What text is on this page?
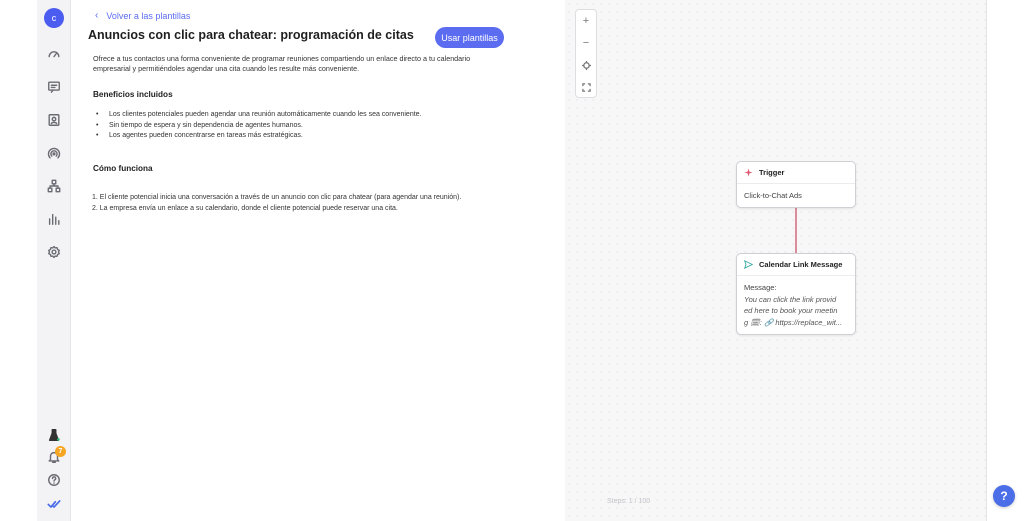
c
7
‹ Volver a las plantillas
Anuncios con clic para chatear: programación de citas	Usar plantillas

Ofrece a tus contactos una forma conveniente de programar reuniones compartiendo un enlace directo a tu calendario empresarial y permitiéndoles agendar una cita cuando les resulte más conveniente.

Beneficios incluidos
• Los clientes potenciales pueden agendar una reunión automáticamente cuando les sea conveniente.
• Sin tiempo de espera y sin dependencia de agentes humanos.
• Los agentes pueden concentrarse en tareas más estratégicas.
Cómo funciona
1. El cliente potencial inicia una conversación a través de un anuncio con clic para chatear (para agendar una reunión).
2. La empresa envía un enlace a su calendario, donde el cliente potencial puede reservar una cita.
+
−
Trigger
Click-to-Chat Ads
Calendar Link Message
Message:
You can click the link provid
ed here to book your meetin
g 🗓: 🔗 https://replace_wit...
Steps: 1 / 100	?
